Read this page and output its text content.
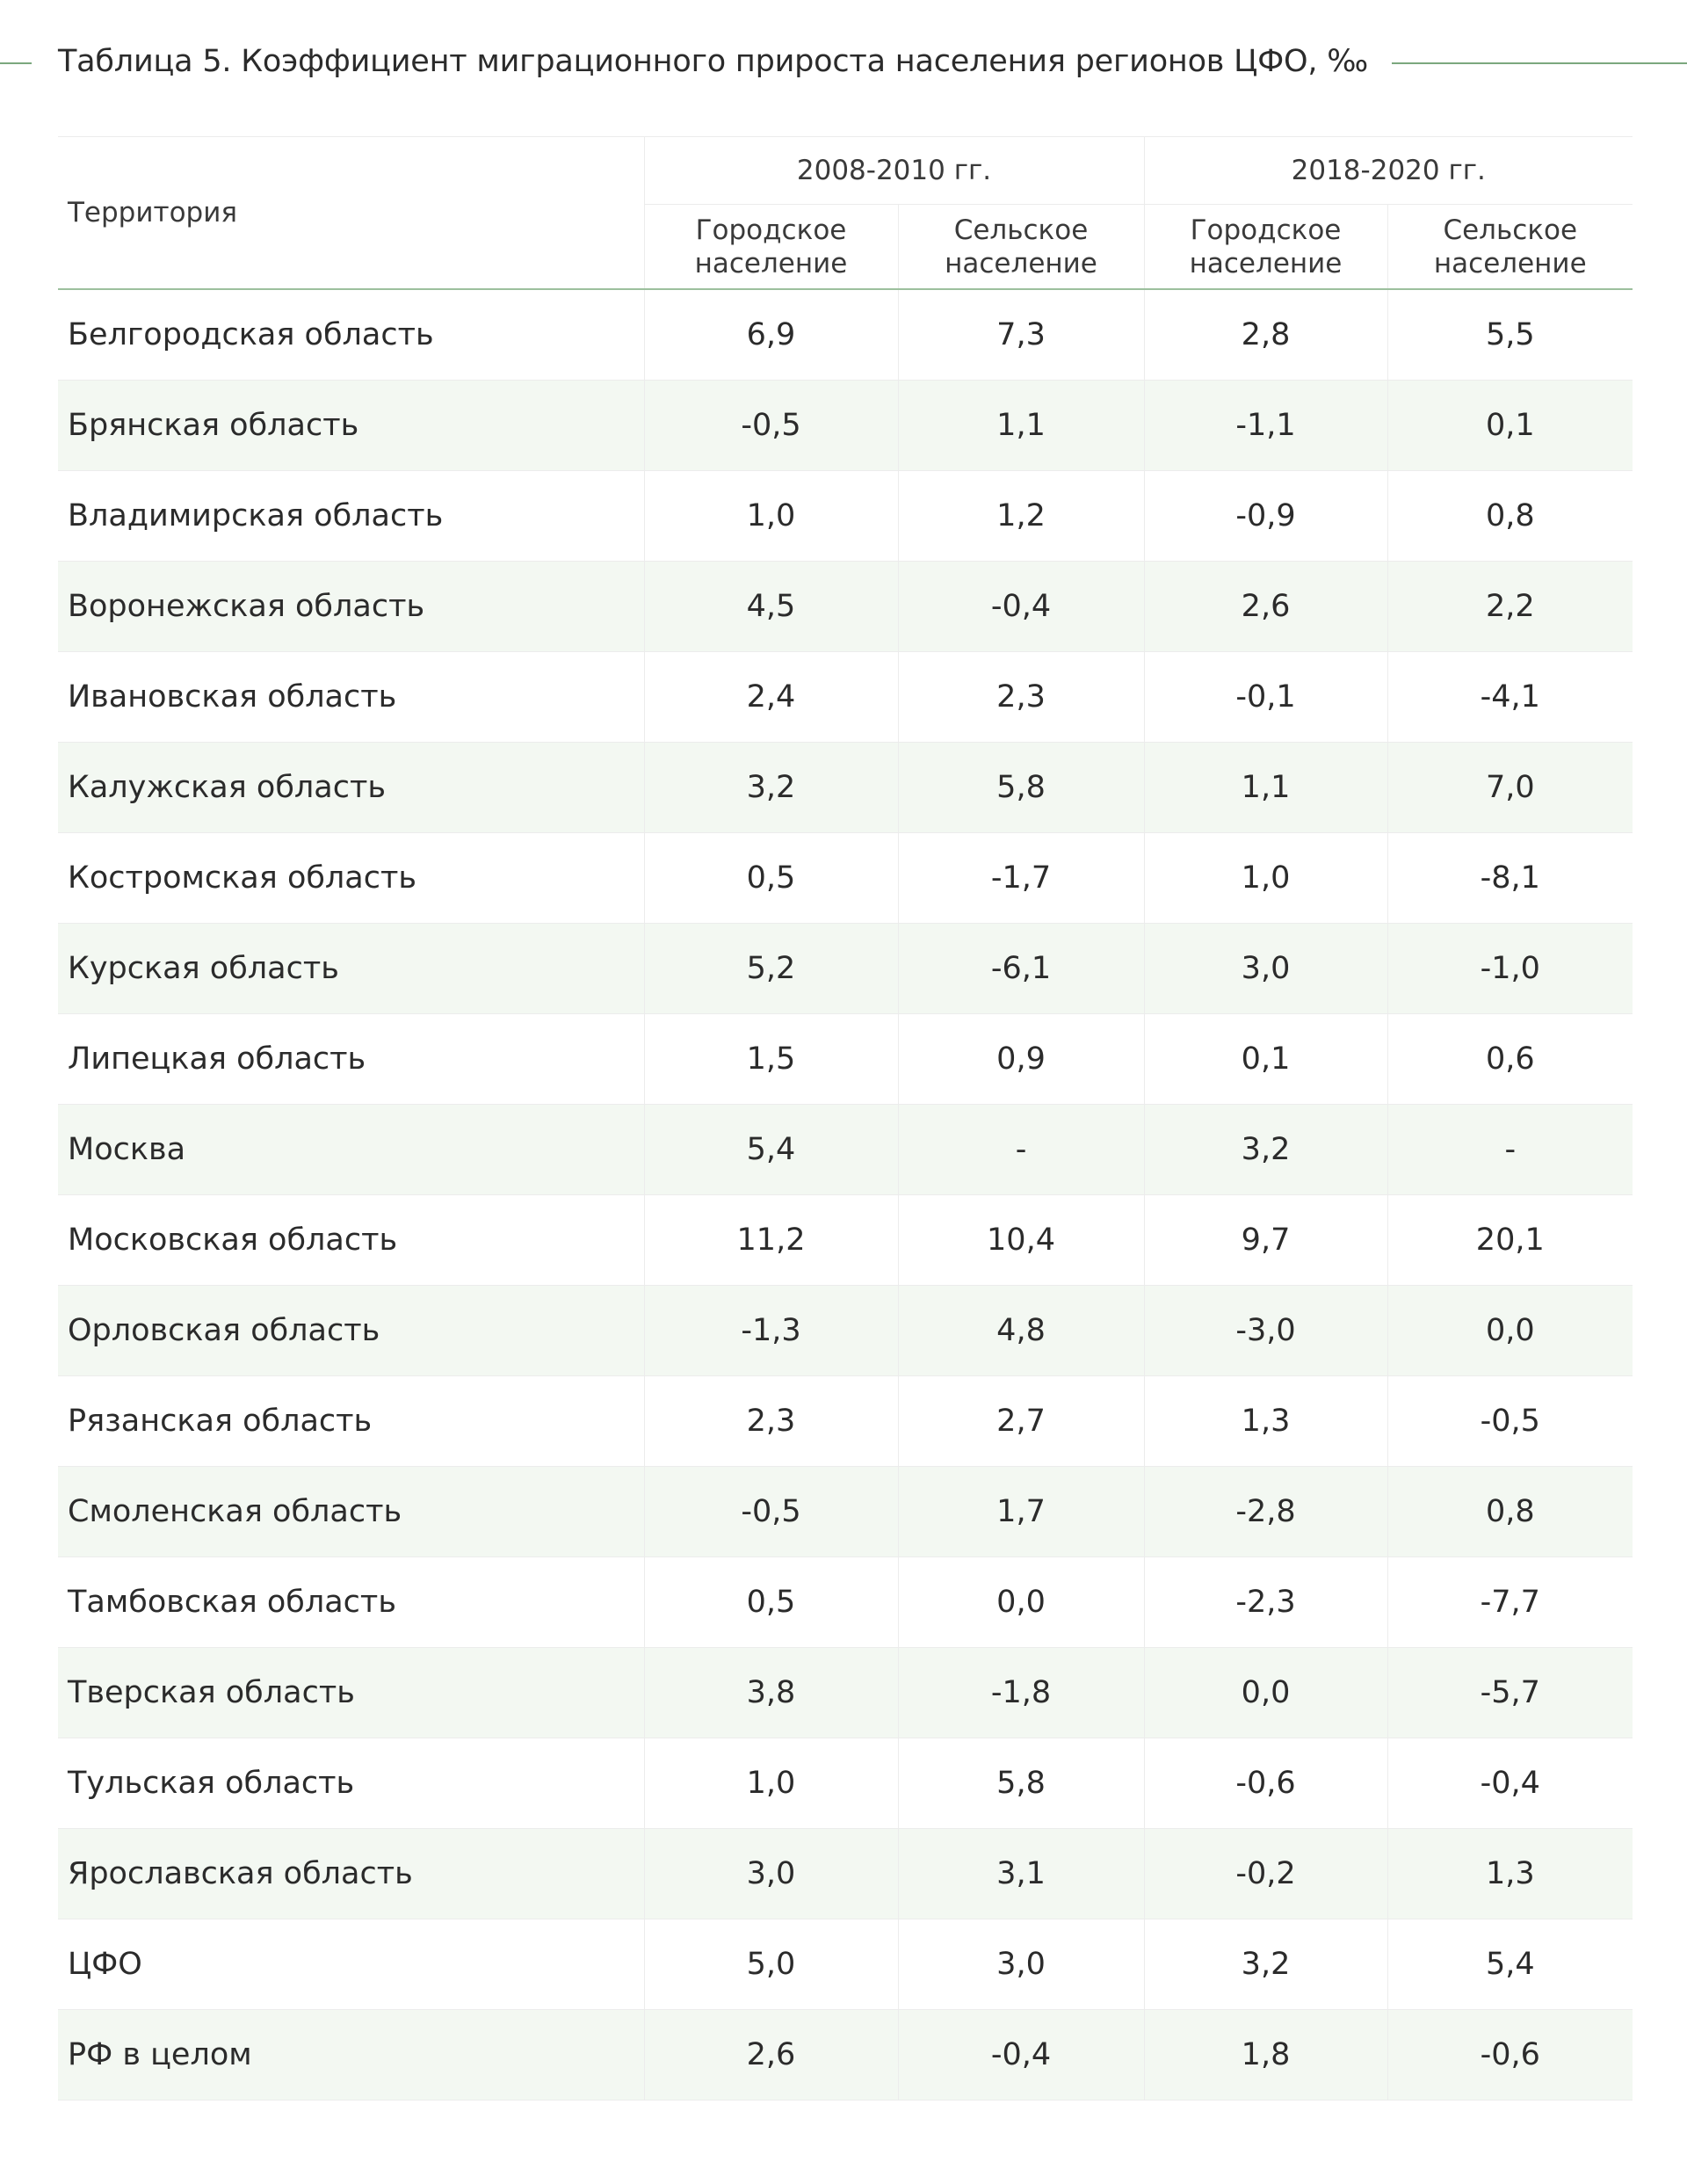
Таблица 5. Коэффициент миграционного прироста населения регионов ЦФО, ‰
Территория	2008-2010 гг.		2018-2020 гг.	
	Городское население	Сельское население	Городское население	Сельское население
Белгородская область	6,9	7,3	2,8	5,5
Брянская область	-0,5	1,1	-1,1	0,1
Владимирская область	1,0	1,2	-0,9	0,8
Воронежская область	4,5	-0,4	2,6	2,2
Ивановская область	2,4	2,3	-0,1	-4,1
Калужская область	3,2	5,8	1,1	7,0
Костромская область	0,5	-1,7	1,0	-8,1
Курская область	5,2	-6,1	3,0	-1,0
Липецкая область	1,5	0,9	0,1	0,6
Москва	5,4	-	3,2	-
Московская область	11,2	10,4	9,7	20,1
Орловская область	-1,3	4,8	-3,0	0,0
Рязанская область	2,3	2,7	1,3	-0,5
Смоленская область	-0,5	1,7	-2,8	0,8
Тамбовская область	0,5	0,0	-2,3	-7,7
Тверская область	3,8	-1,8	0,0	-5,7
Тульская область	1,0	5,8	-0,6	-0,4
Ярославская область	3,0	3,1	-0,2	1,3
ЦФО	5,0	3,0	3,2	5,4
РФ в целом	2,6	-0,4	1,8	-0,6
